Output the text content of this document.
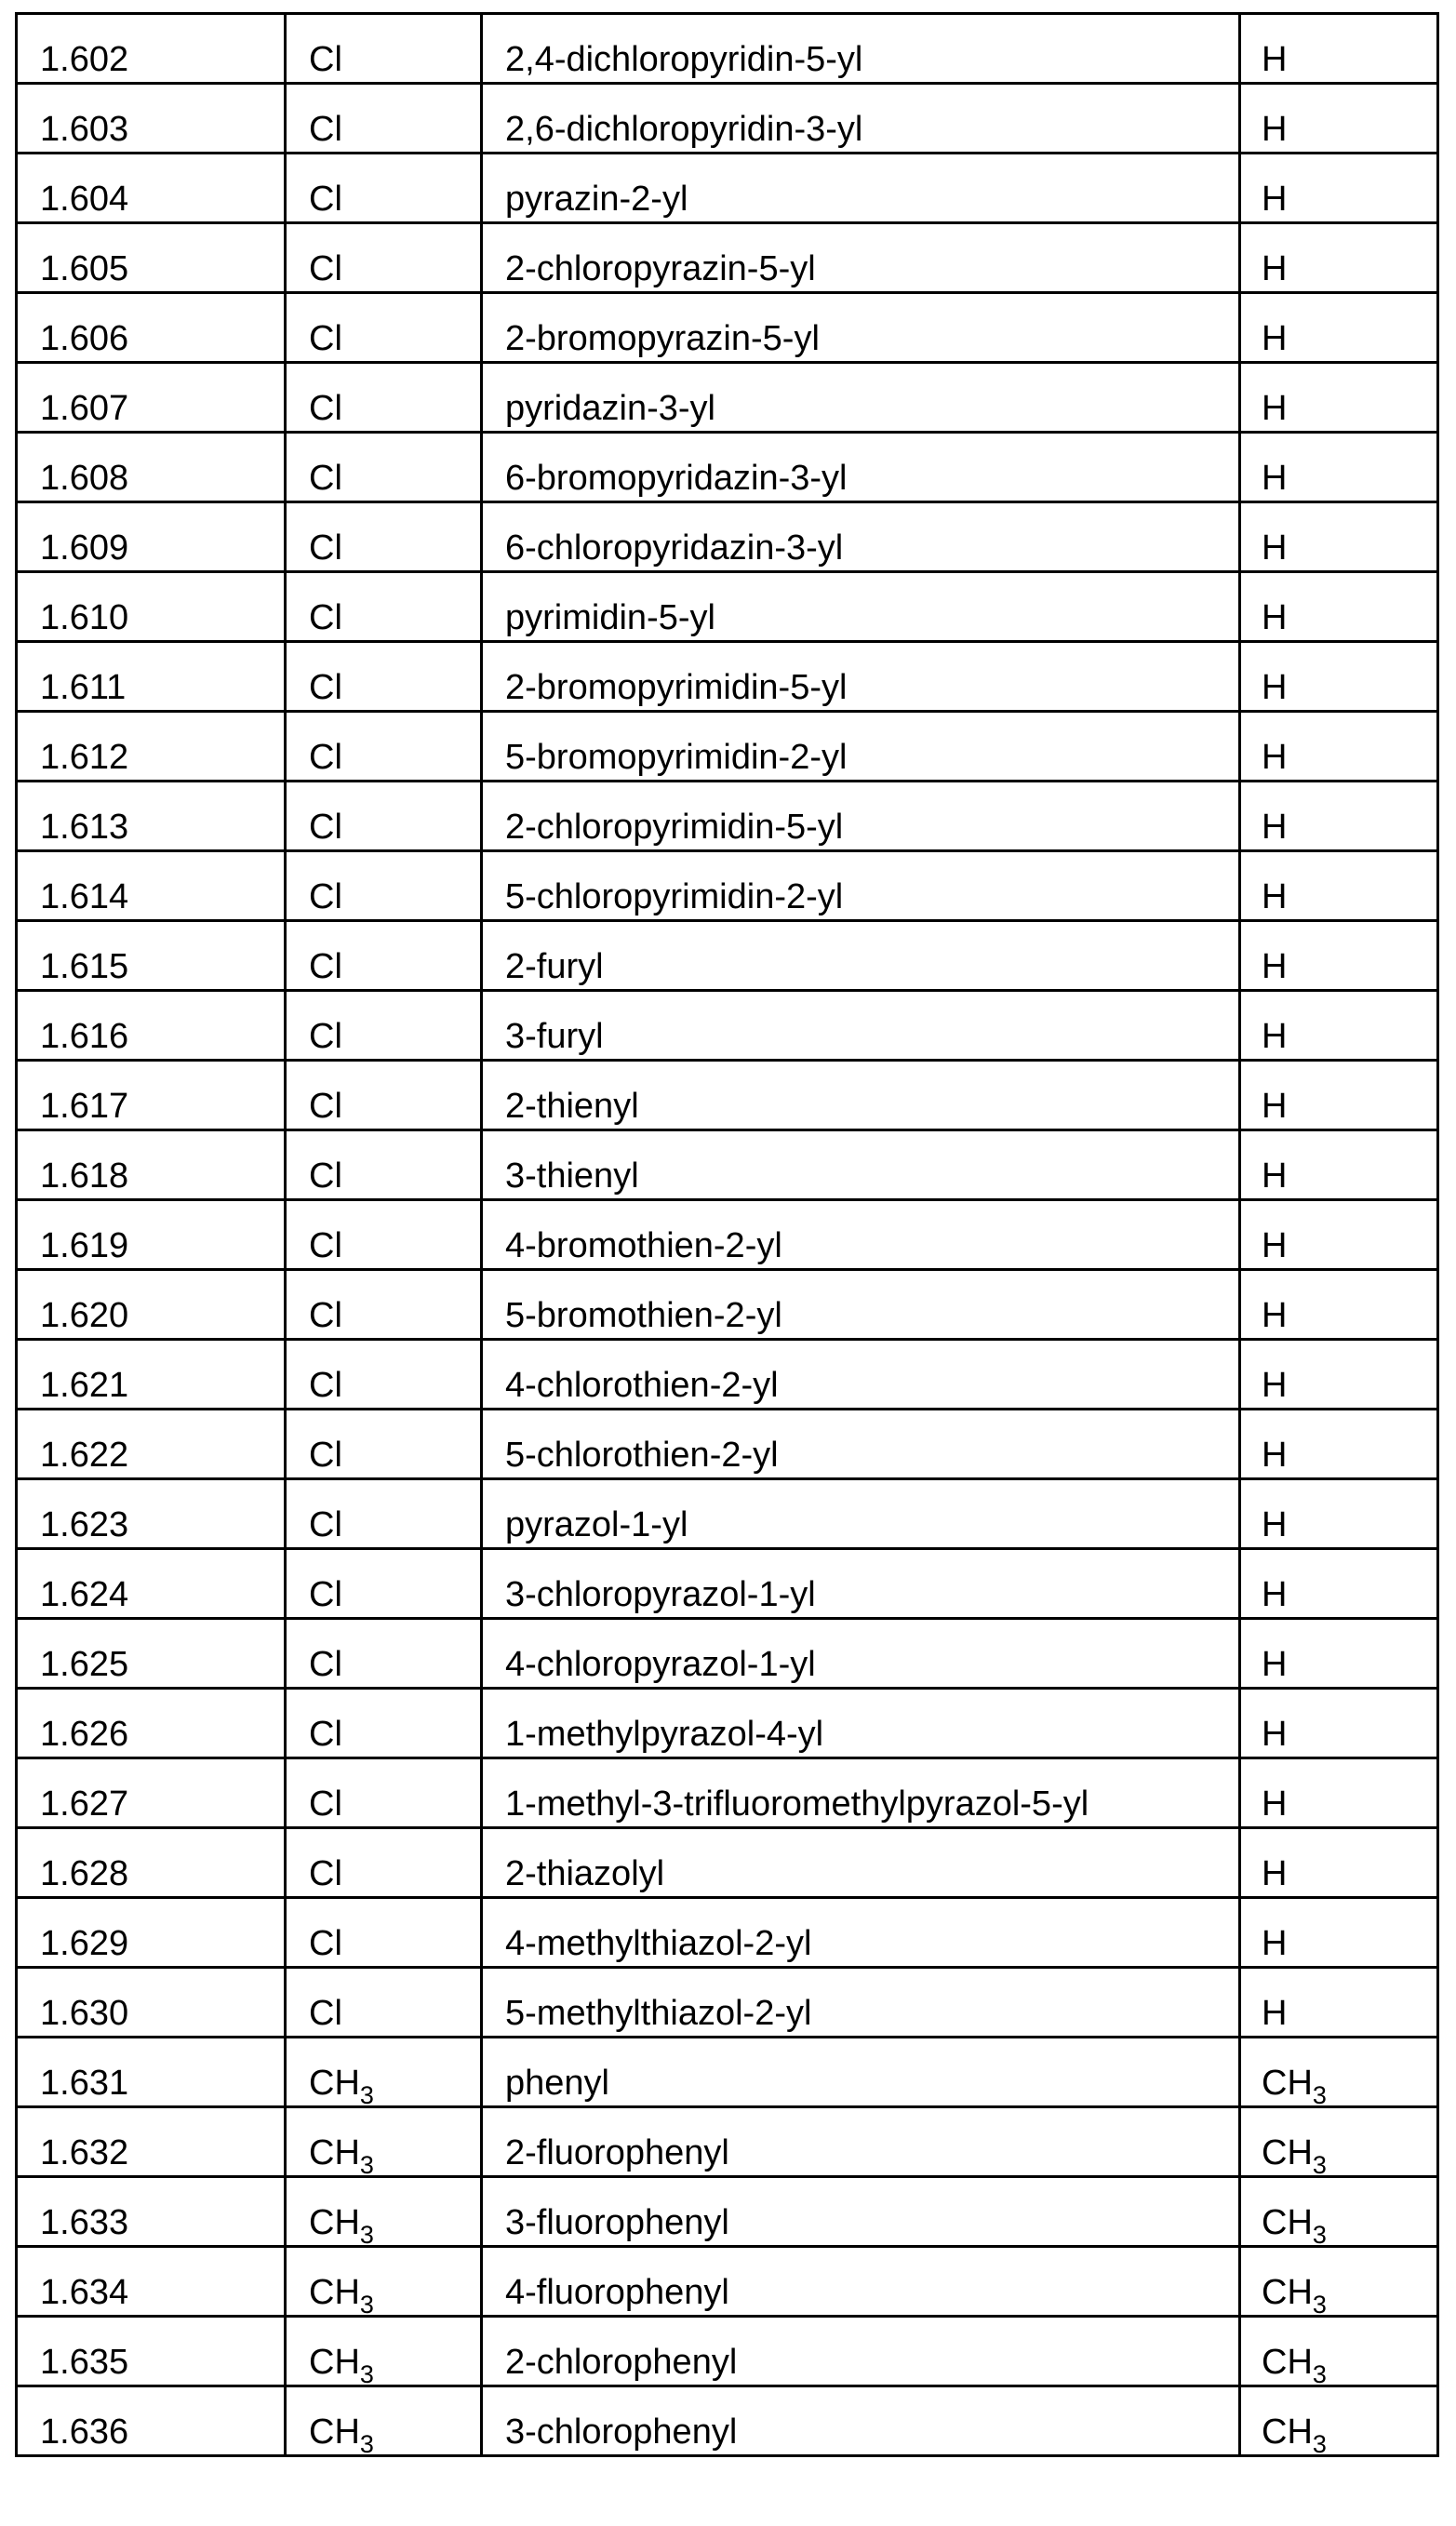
1.602	Cl	2,4-dichloropyridin-5-yl	H
1.603	Cl	2,6-dichloropyridin-3-yl	H
1.604	Cl	pyrazin-2-yl	H
1.605	Cl	2-chloropyrazin-5-yl	H
1.606	Cl	2-bromopyrazin-5-yl	H
1.607	Cl	pyridazin-3-yl	H
1.608	Cl	6-bromopyridazin-3-yl	H
1.609	Cl	6-chloropyridazin-3-yl	H
1.610	Cl	pyrimidin-5-yl	H
1.611	Cl	2-bromopyrimidin-5-yl	H
1.612	Cl	5-bromopyrimidin-2-yl	H
1.613	Cl	2-chloropyrimidin-5-yl	H
1.614	Cl	5-chloropyrimidin-2-yl	H
1.615	Cl	2-furyl	H
1.616	Cl	3-furyl	H
1.617	Cl	2-thienyl	H
1.618	Cl	3-thienyl	H
1.619	Cl	4-bromothien-2-yl	H
1.620	Cl	5-bromothien-2-yl	H
1.621	Cl	4-chlorothien-2-yl	H
1.622	Cl	5-chlorothien-2-yl	H
1.623	Cl	pyrazol-1-yl	H
1.624	Cl	3-chloropyrazol-1-yl	H
1.625	Cl	4-chloropyrazol-1-yl	H
1.626	Cl	1-methylpyrazol-4-yl	H
1.627	Cl	1-methyl-3-trifluoromethylpyrazol-5-yl	H
1.628	Cl	2-thiazolyl	H
1.629	Cl	4-methylthiazol-2-yl	H
1.630	Cl	5-methylthiazol-2-yl	H
1.631	$CH_3$	phenyl	$CH_3$
1.632	$CH_3$	2-fluorophenyl	$CH_3$
1.633	$CH_3$	3-fluorophenyl	$CH_3$
1.634	$CH_3$	4-fluorophenyl	$CH_3$
1.635	$CH_3$	2-chlorophenyl	$CH_3$
1.636	$CH_3$	3-chlorophenyl	$CH_3$
